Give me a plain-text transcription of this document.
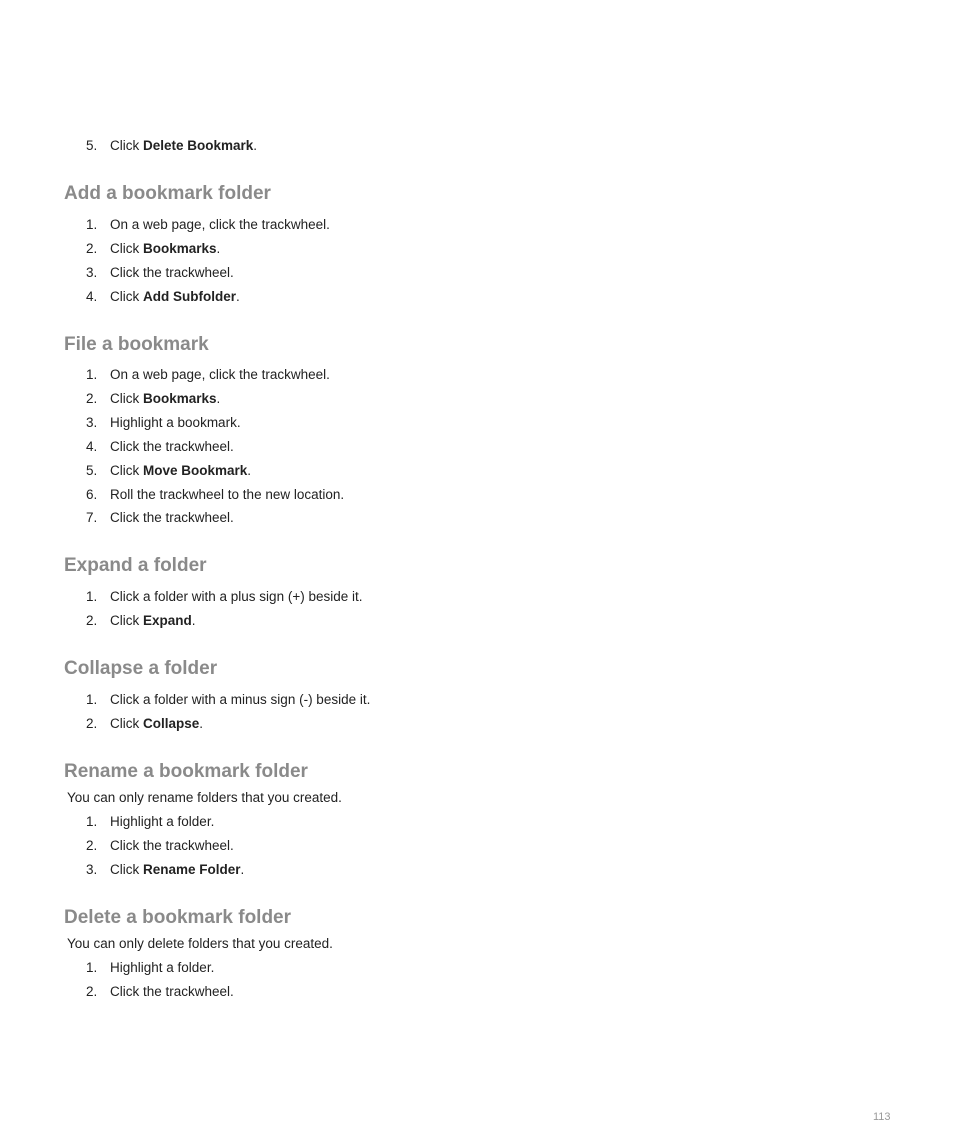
5. Click Delete Bookmark.
Add a bookmark folder
1. On a web page, click the trackwheel.
2. Click Bookmarks.
3. Click the trackwheel.
4. Click Add Subfolder.
File a bookmark
1. On a web page, click the trackwheel.
2. Click Bookmarks.
3. Highlight a bookmark.
4. Click the trackwheel.
5. Click Move Bookmark.
6. Roll the trackwheel to the new location.
7. Click the trackwheel.
Expand a folder
1. Click a folder with a plus sign (+) beside it.
2. Click Expand.
Collapse a folder
1. Click a folder with a minus sign (-) beside it.
2. Click Collapse.
Rename a bookmark folder
You can only rename folders that you created.
1. Highlight a folder.
2. Click the trackwheel.
3. Click Rename Folder.
Delete a bookmark folder
You can only delete folders that you created.
1. Highlight a folder.
2. Click the trackwheel.
113
